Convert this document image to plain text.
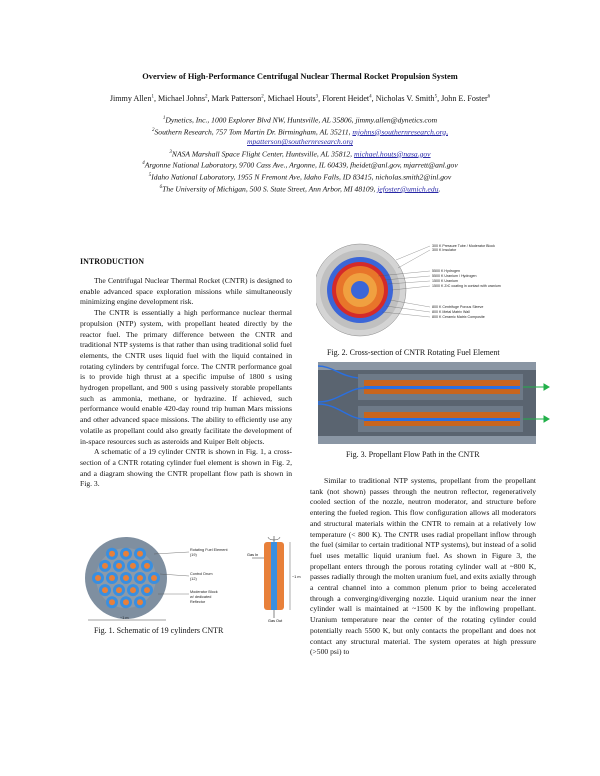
Overview of High-Performance Centrifugal Nuclear Thermal Rocket Propulsion System
Jimmy Allen$^1$, Michael Johns$^2$, Mark Patterson$^2$, Michael Houts$^3$, Florent Heidet$^4$, Nicholas V. Smith$^5$, John E. Foster$^6$
$^1$Dynetics, Inc., 1000 Explorer Blvd NW, Huntsville, AL 35806, jimmy.allen@dynetics.com
$^2$Southern Research, 757 Tom Martin Dr. Birmingham, AL 35211, mjohns@southernresearch.org,
mpatterson@southernresearch.org
$^3$NASA Marshall Space Flight Center, Huntsville, AL 35812, michael.houts@nasa.gov
$^4$Argonne National Laboratory, 9700 Cass Ave., Argonne, IL 60439, fheidet@anl.gov, mjarrett@anl.gov
$^5$Idaho National Laboratory, 1955 N Fremont Ave, Idaho Falls, ID 83415, nicholas.smith2@inl.gov
$^6$The University of Michigan, 500 S. State Street, Ann Arbor, MI 48109, jefoster@umich.edu.
INTRODUCTION

The Centrifugal Nuclear Thermal Rocket (CNTR) is designed to enable advanced space exploration missions while simultaneously minimizing engine development risk.

The CNTR is essentially a high performance nuclear thermal propulsion (NTP) system, with propellant heated directly by the reactor fuel. The primary difference between the CNTR and traditional NTP systems is that rather than using traditional solid fuel elements, the CNTR uses liquid fuel with the liquid contained in rotating cylinders by centrifugal force. The CNTR performance goal is to provide high thrust at a specific impulse of 1800 s using hydrogen propellant, and 900 s using passively storable propellants such as ammonia, methane, or hydrazine. If achieved, such performance would enable 420-day round trip human Mars missions and other advanced space missions. The ability to efficiently use any volatile as propellant could also greatly facilitate the development of in-space resources such as asteroids and Kuiper Belt objects.

A schematic of a 19 cylinder CNTR is shown in Fig. 1, a cross-section of a CNTR rotating cylinder fuel element is shown in Fig. 2, and a diagram showing the CNTR propellant flow path is shown in Fig. 3.

Rotating Fuel Element
(19)
Control Drum
(12)
Moderator Block
w/ dedicated
Reflector
~1 m
Gas In
Gas Out
~1 m
Fig. 1. Schematic of 19 cylinders CNTR
300 K Pressure Tube / Moderator Block
300 K Insulator
5500 K Hydrogen
5500 K Uranium / Hydrogen
1500 K Uranium
1500 K ZrC coating in contact with uranium
800 K Centrifuge Porous Sleeve
800 K Metal Matrix Wall
800 K Ceramic Matrix Composite
Fig. 2. Cross-section of CNTR Rotating Fuel Element
Fig. 3. Propellant Flow Path in the CNTR

Similar to traditional NTP systems, propellant from the propellant tank (not shown) passes through the neutron reflector, regeneratively cooled section of the nozzle, neutron moderator, and structure before entering the fueled region. This flow configuration allows all moderators and structural materials within the CNTR to remain at a relatively low temperature (< 800 K). The CNTR uses radial propellant inflow through the fuel (similar to certain traditional NTP systems), but instead of a solid fuel uses metallic liquid uranium fuel. As shown in Figure 3, the propellant enters through the porous rotating cylinder wall at ~800 K, passes radially through the molten uranium fuel, and exits axially through a central channel into a common plenum prior to being accelerated through a converging/diverging nozzle. Liquid uranium near the inner cylinder wall is maintained at ~1500 K by the inflowing propellant. Uranium temperature near the center of the rotating cylinder could potentially reach 5500 K, but only contacts the propellant and does not contact any structural material. The system operates at high pressure (>500 psi) to
